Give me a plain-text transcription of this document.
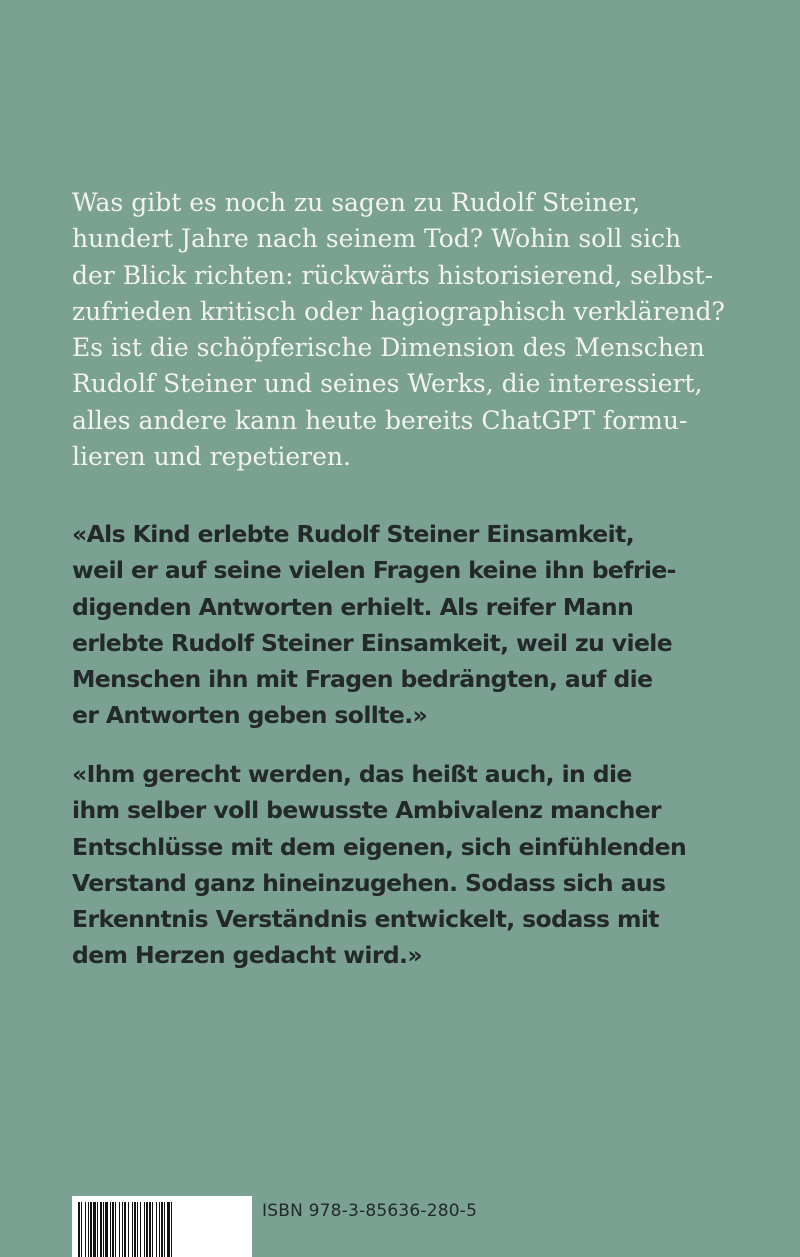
Was gibt es noch zu sagen zu Rudolf Steiner,
hundert Jahre nach seinem Tod? Wohin soll sich
der Blick richten: rückwärts historisierend, selbst-
zufrieden kritisch oder hagiographisch verklärend?
Es ist die schöpferische Dimension des Menschen
Rudolf Steiner und seines Werks, die interessiert,
alles andere kann heute bereits ChatGPT formu-
lieren und repetieren.

«Als Kind erlebte Rudolf Steiner Einsamkeit,
weil er auf seine vielen Fragen keine ihn befrie-
digenden Antworten erhielt. Als reifer Mann
erlebte Rudolf Steiner Einsamkeit, weil zu viele
Menschen ihn mit Fragen bedrängten, auf die
er Antworten geben sollte.»

«Ihm gerecht werden, das heißt auch, in die
ihm selber voll bewusste Ambivalenz mancher
Entschlüsse mit dem eigenen, sich einfühlenden
Verstand ganz hineinzugehen. Sodass sich aus
Erkenntnis Verständnis entwickelt, sodass mit
dem Herzen gedacht wird.»

ISBN 978-3-85636-280-5
